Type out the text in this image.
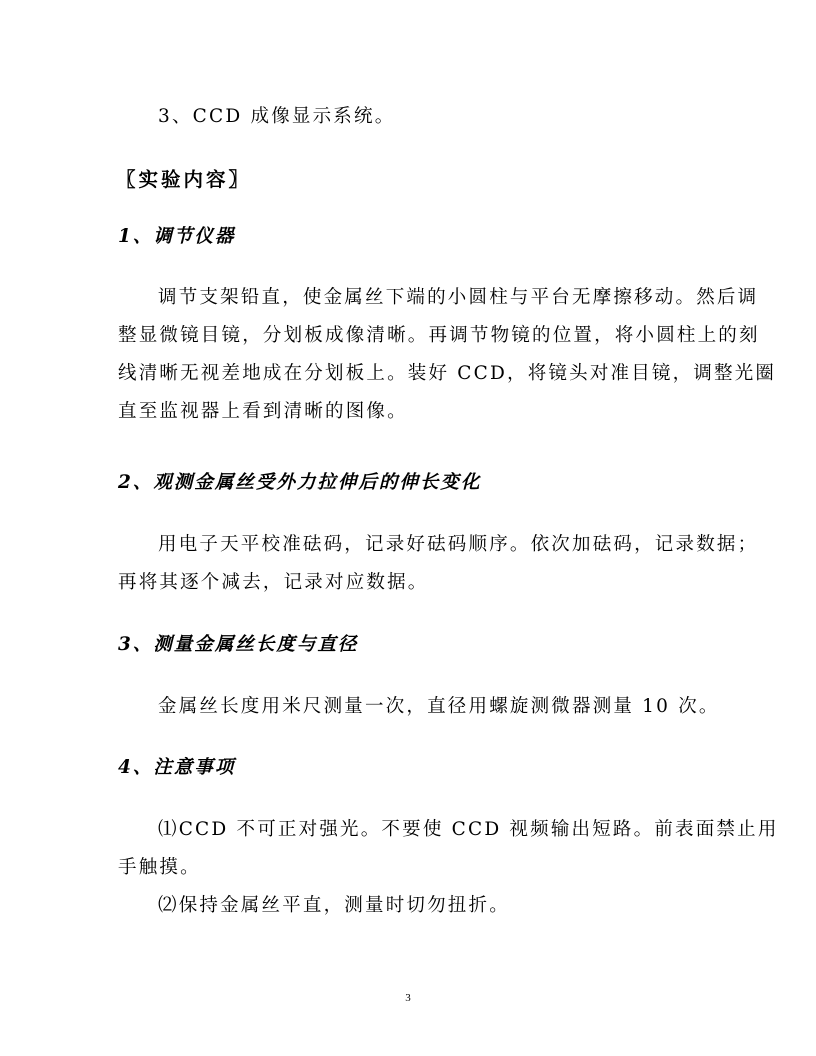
3、CCD 成像显示系统。
〖实验内容〗
1、调节仪器
调节支架铅直，使金属丝下端的小圆柱与平台无摩擦移动。然后调
整显微镜目镜，分划板成像清晰。再调节物镜的位置，将小圆柱上的刻
线清晰无视差地成在分划板上。装好 CCD，将镜头对准目镜，调整光圈
直至监视器上看到清晰的图像。
2、观测金属丝受外力拉伸后的伸长变化
用电子天平校准砝码，记录好砝码顺序。依次加砝码，记录数据；
再将其逐个减去，记录对应数据。
3、测量金属丝长度与直径
金属丝长度用米尺测量一次，直径用螺旋测微器测量 10 次。
4、注意事项
⑴CCD 不可正对强光。不要使 CCD 视频输出短路。前表面禁止用
手触摸。
⑵保持金属丝平直，测量时切勿扭折。
3
